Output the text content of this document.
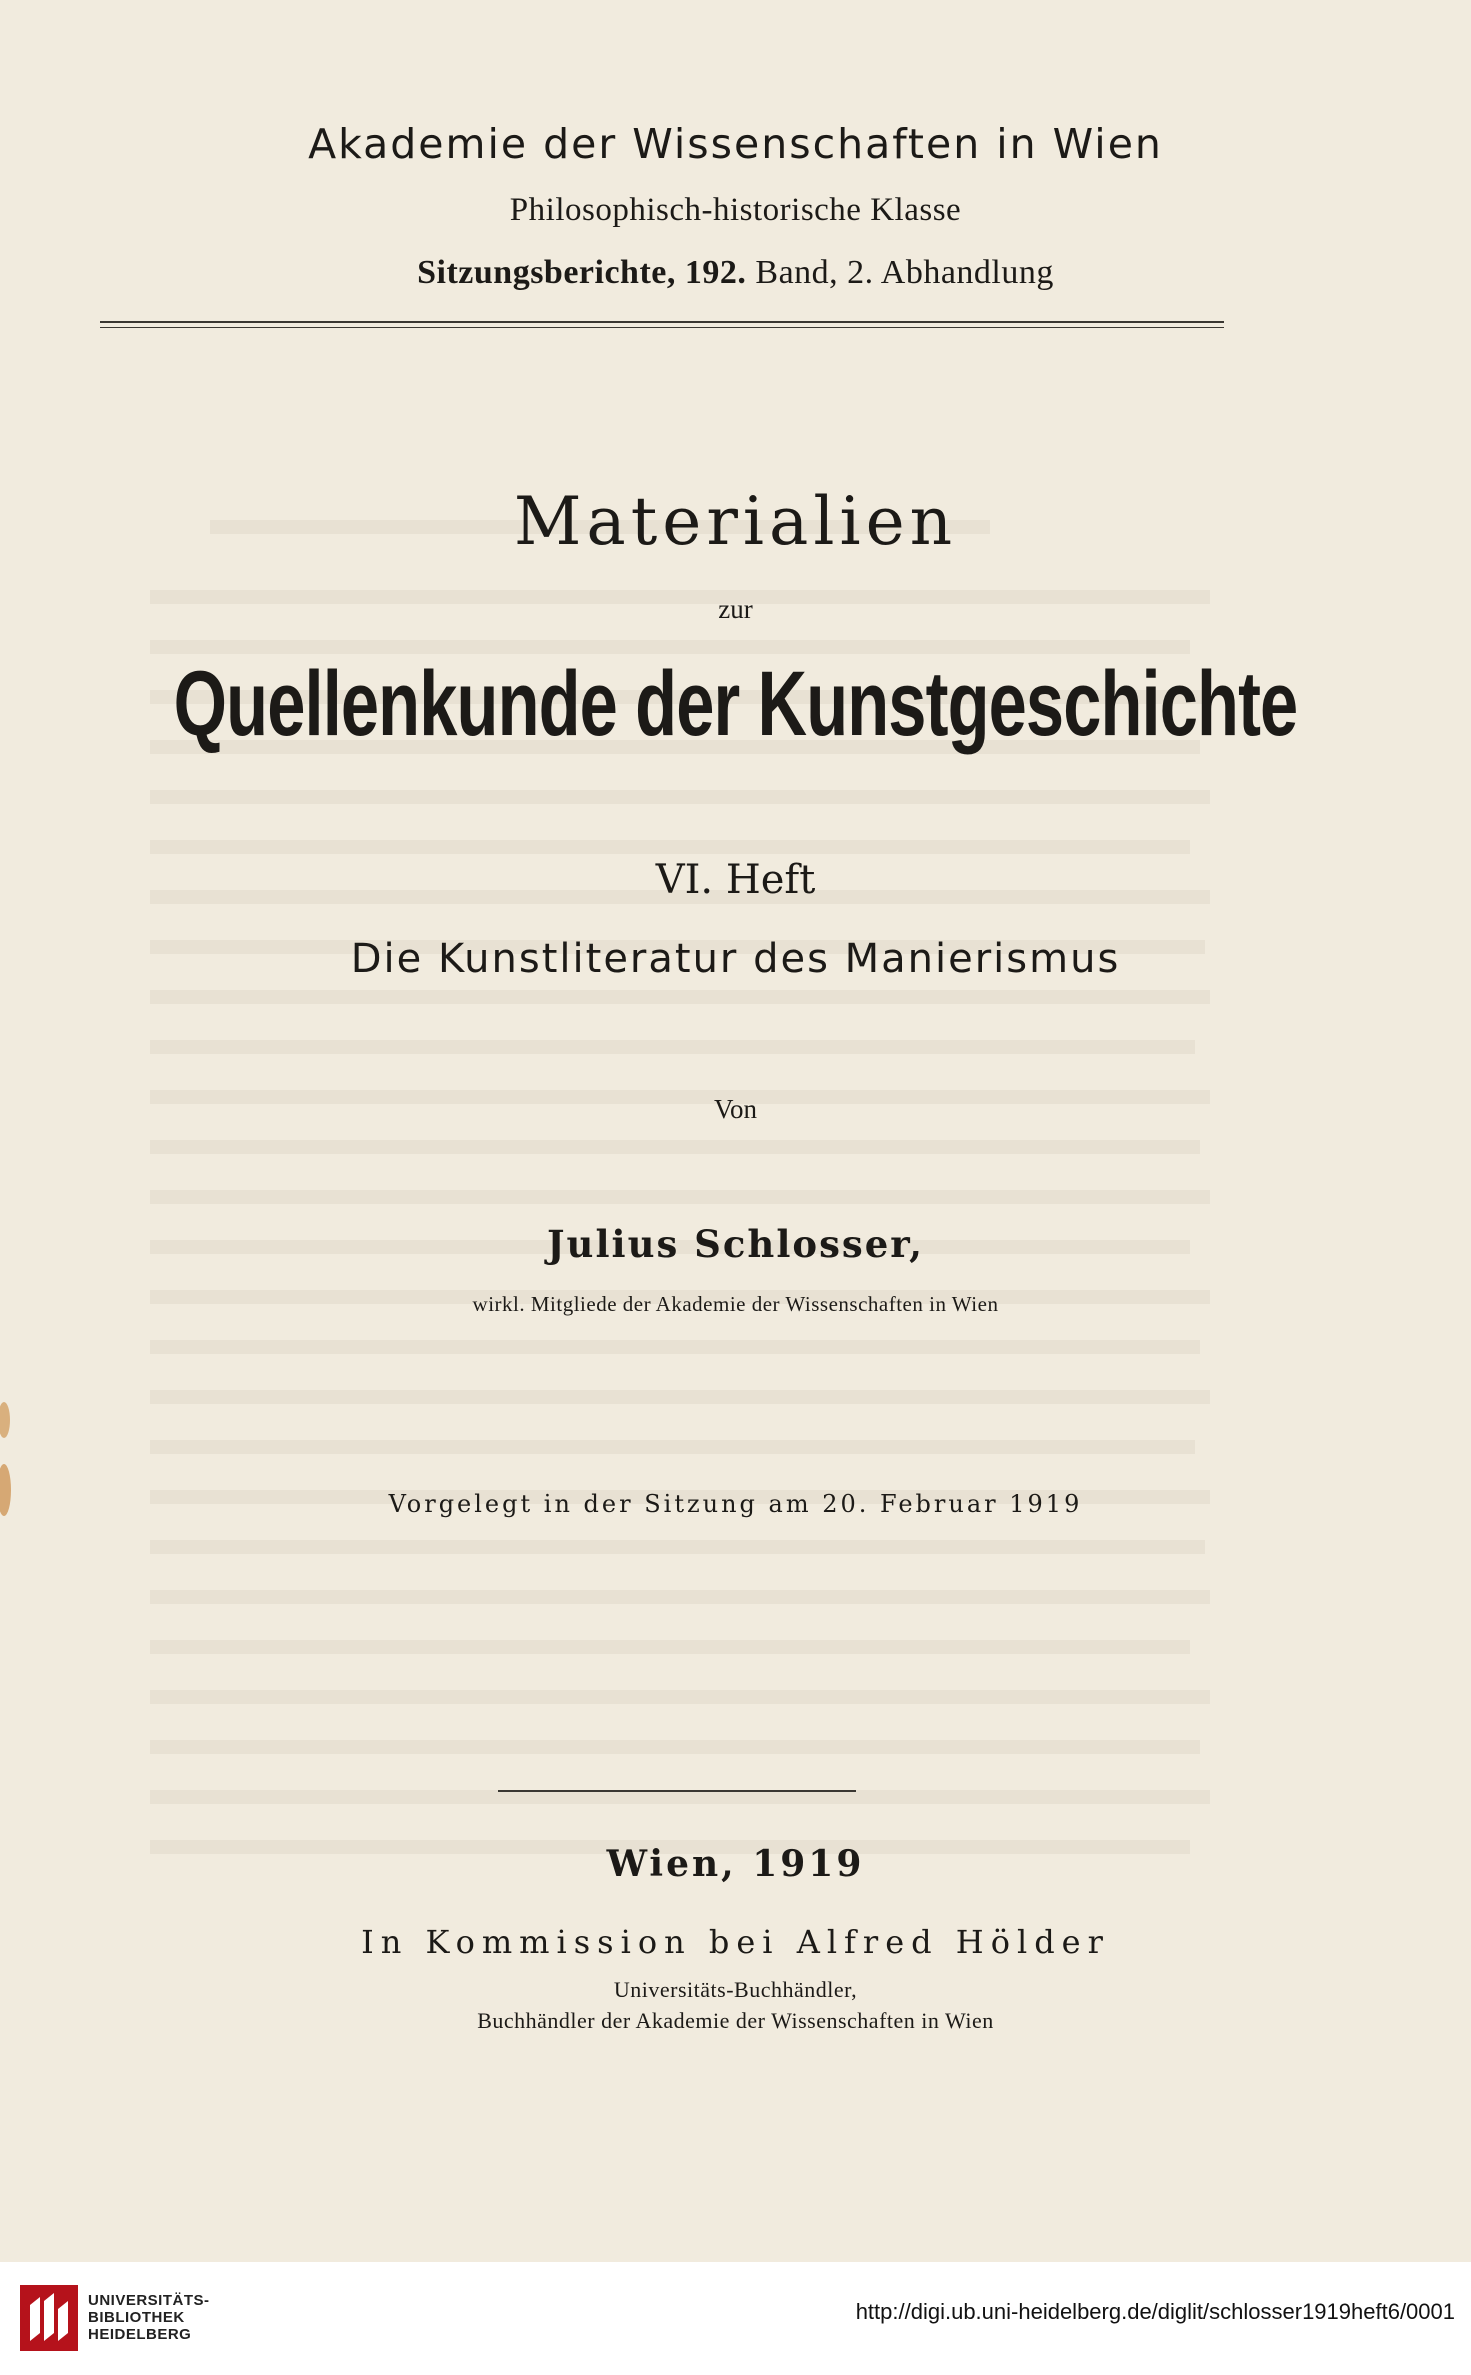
Akademie der Wissenschaften in Wien
Philosophisch-historische Klasse
Sitzungsberichte, 192. Band, 2. Abhandlung
Materialien
zur
Quellenkunde der Kunstgeschichte
VI. Heft
Die Kunstliteratur des Manierismus
Von
Julius Schlosser,
wirkl. Mitgliede der Akademie der Wissenschaften in Wien
Vorgelegt in der Sitzung am 20. Februar 1919
Wien, 1919
In Kommission bei Alfred Hölder
Universitäts-Buchhändler,
Buchhändler der Akademie der Wissenschaften in Wien
UNIVERSITÄTS-
BIBLIOTHEK
HEIDELBERG
http://digi.ub.uni-heidelberg.de/diglit/schlosser1919heft6/0001
